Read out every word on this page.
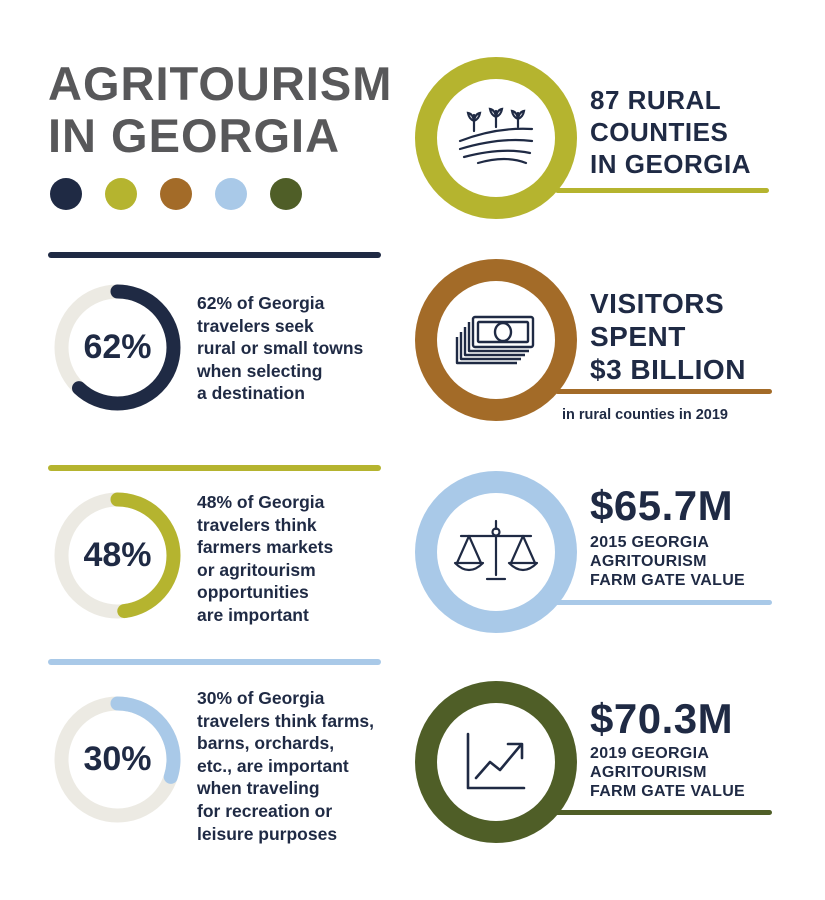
AGRITOURISM
IN GEORGIA
62%

62% of Georgia
travelers seek
rural or small towns
when selecting
a destination

48%

48% of Georgia
travelers think
farmers markets
or agritourism
opportunities
are important

30%

30% of Georgia
travelers think farms,
barns, orchards,
etc., are important
when traveling
for recreation or
leisure purposes

87 RURAL
COUNTIES
IN GEORGIA

VISITORS
SPENT
$3 BILLION

in rural counties in 2019

$65.7M

2015 GEORGIA
AGRITOURISM
FARM GATE VALUE

$70.3M

2019 GEORGIA
AGRITOURISM
FARM GATE VALUE
